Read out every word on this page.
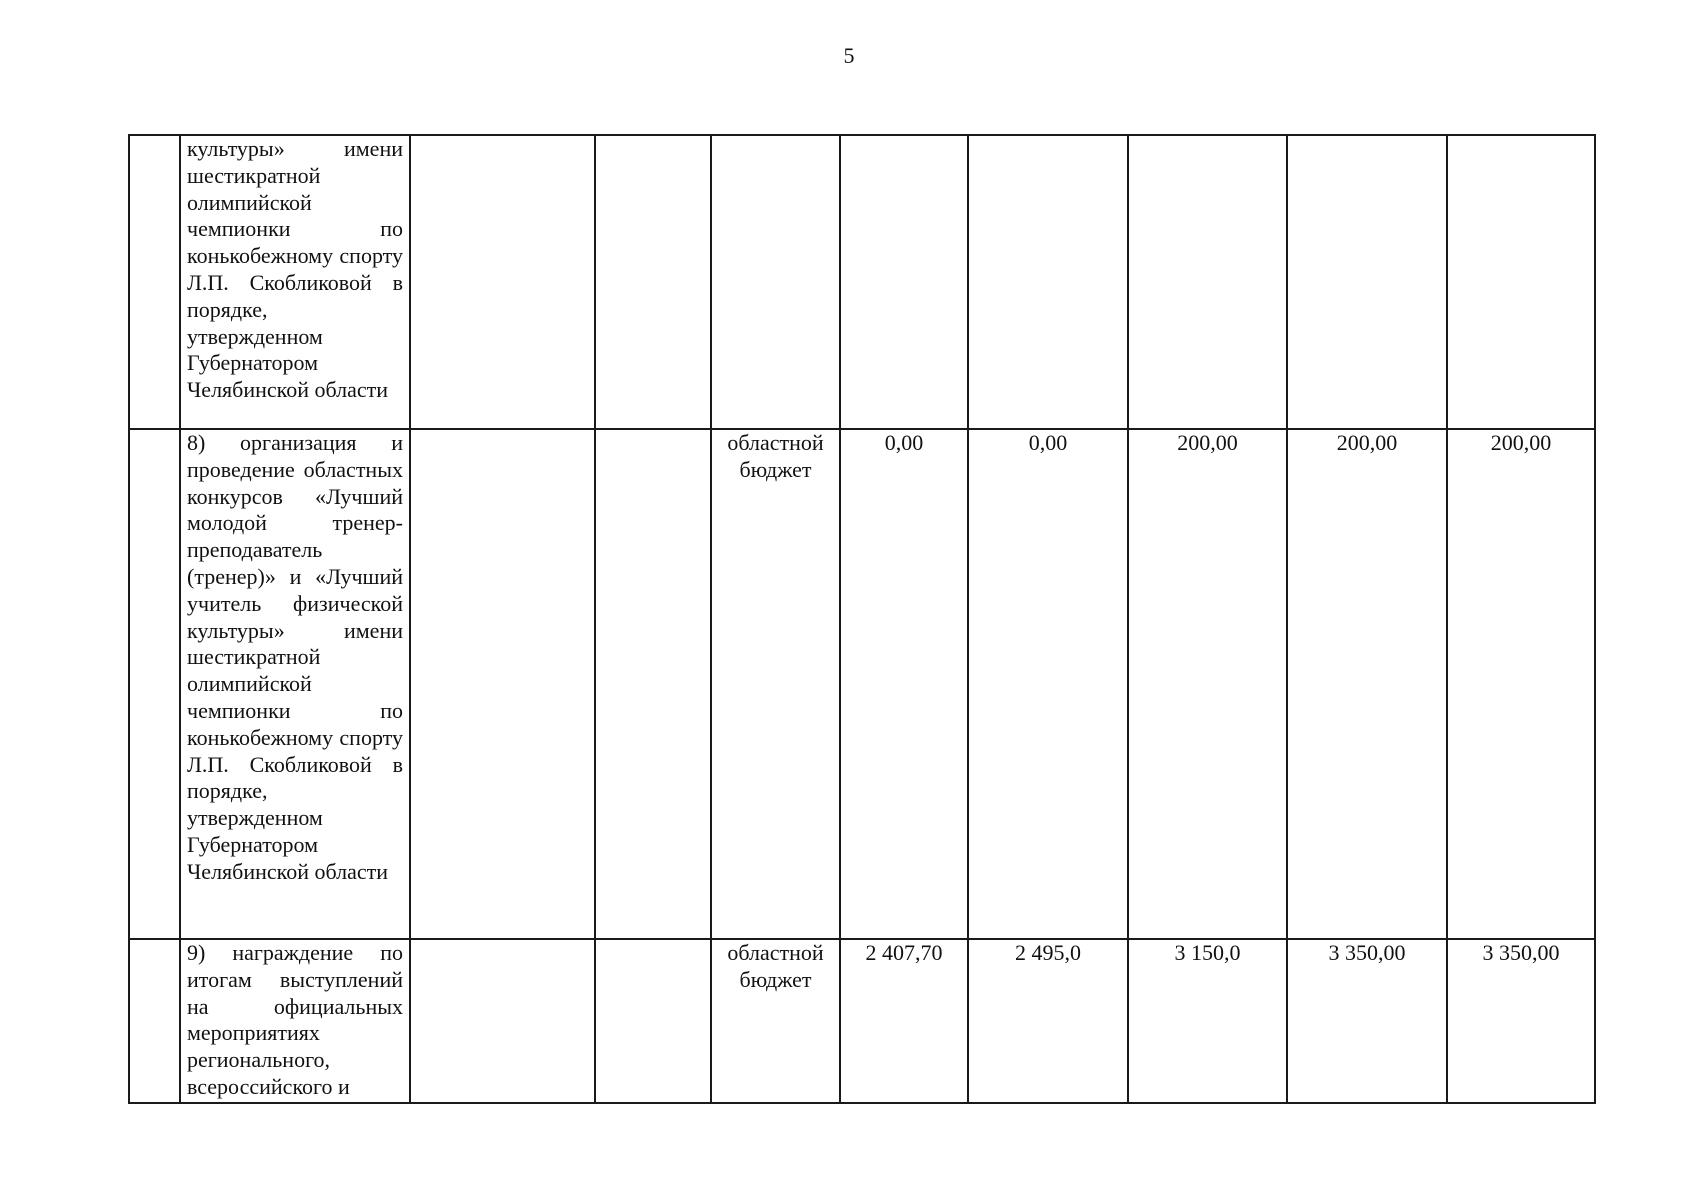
5

	культуры» имени шестикратной олимпийской чемпионки по конькобежному спорту Л.П. Скобликовой в порядке, утвержденном Губернатором Челябинской области								

	8) организация и проведение областных конкурсов «Лучший молодой тренер-преподаватель (тренер)» и «Лучший учитель физической культуры» имени шестикратной олимпийской чемпионки по конькобежному спорту Л.П. Скобликовой в порядке, утвержденном Губернатором Челябинской области			областной бюджет	0,00	0,00	200,00	200,00	200,00

	9) награждение по итогам выступлений на официальных мероприятиях регионального, всероссийского и			областной бюджет	2 407,70	2 495,0	3 150,0	3 350,00	3 350,00
